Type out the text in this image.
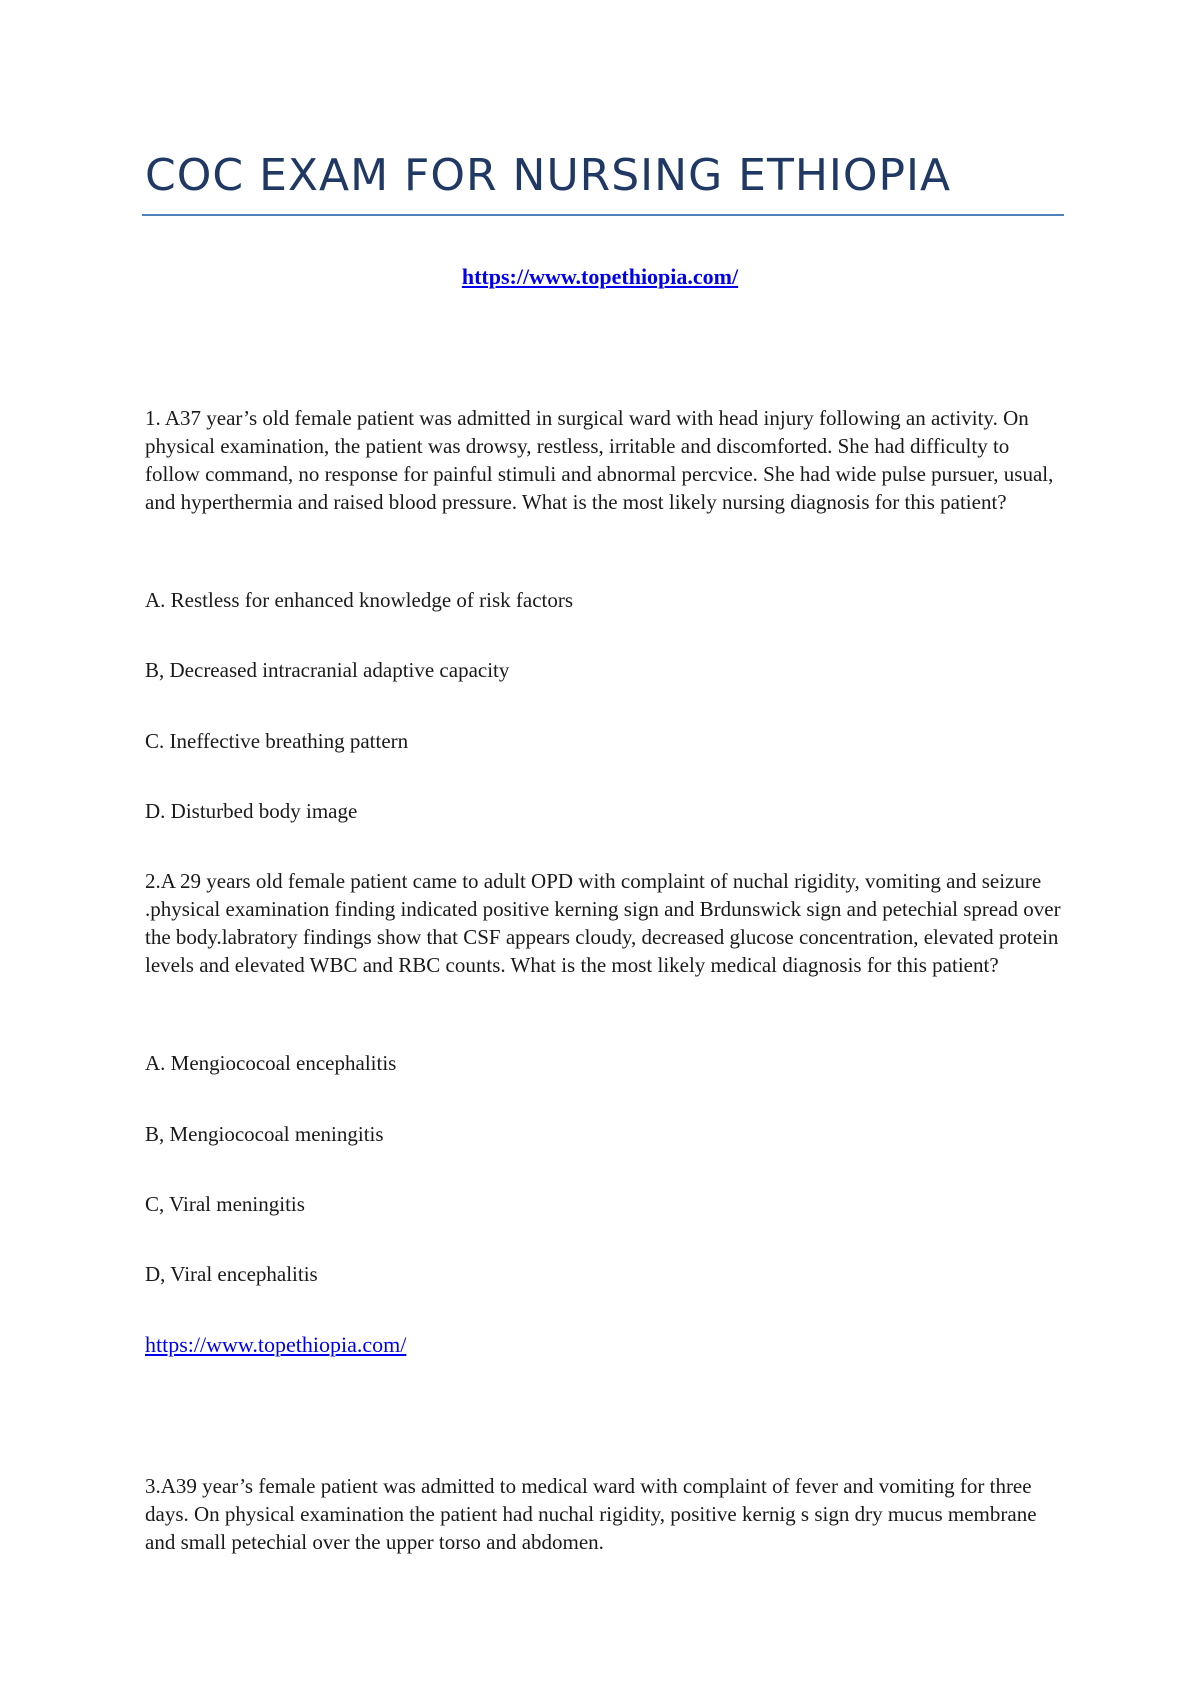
COC EXAM FOR NURSING ETHIOPIA
https://www.topethiopia.com/
1. A37 year’s old female patient was admitted in surgical ward with head injury following an activity. On physical examination, the patient was drowsy, restless, irritable and discomforted. She had difficulty to follow command, no response for painful stimuli and abnormal percvice. She had wide pulse pursuer, usual, and hyperthermia and raised blood pressure. What is the most likely nursing diagnosis for this patient?
A. Restless for enhanced knowledge of risk factors
B, Decreased intracranial adaptive capacity
C. Ineffective breathing pattern
D. Disturbed body image
2.A 29 years old female patient came to adult OPD with complaint of nuchal rigidity, vomiting and seizure .physical examination finding indicated positive kerning sign and Brdunswick sign and petechial spread over the body.labratory findings show that CSF appears cloudy, decreased glucose concentration, elevated protein levels and elevated WBC and RBC counts. What is the most likely medical diagnosis for this patient?
A. Mengiococoal encephalitis
B, Mengiococoal meningitis
C, Viral meningitis
D, Viral encephalitis
https://www.topethiopia.com/
3.A39 year’s female patient was admitted to medical ward with complaint of fever and vomiting for three days. On physical examination the patient had nuchal rigidity, positive kernig s sign dry mucus membrane and small petechial over the upper torso and abdomen.
